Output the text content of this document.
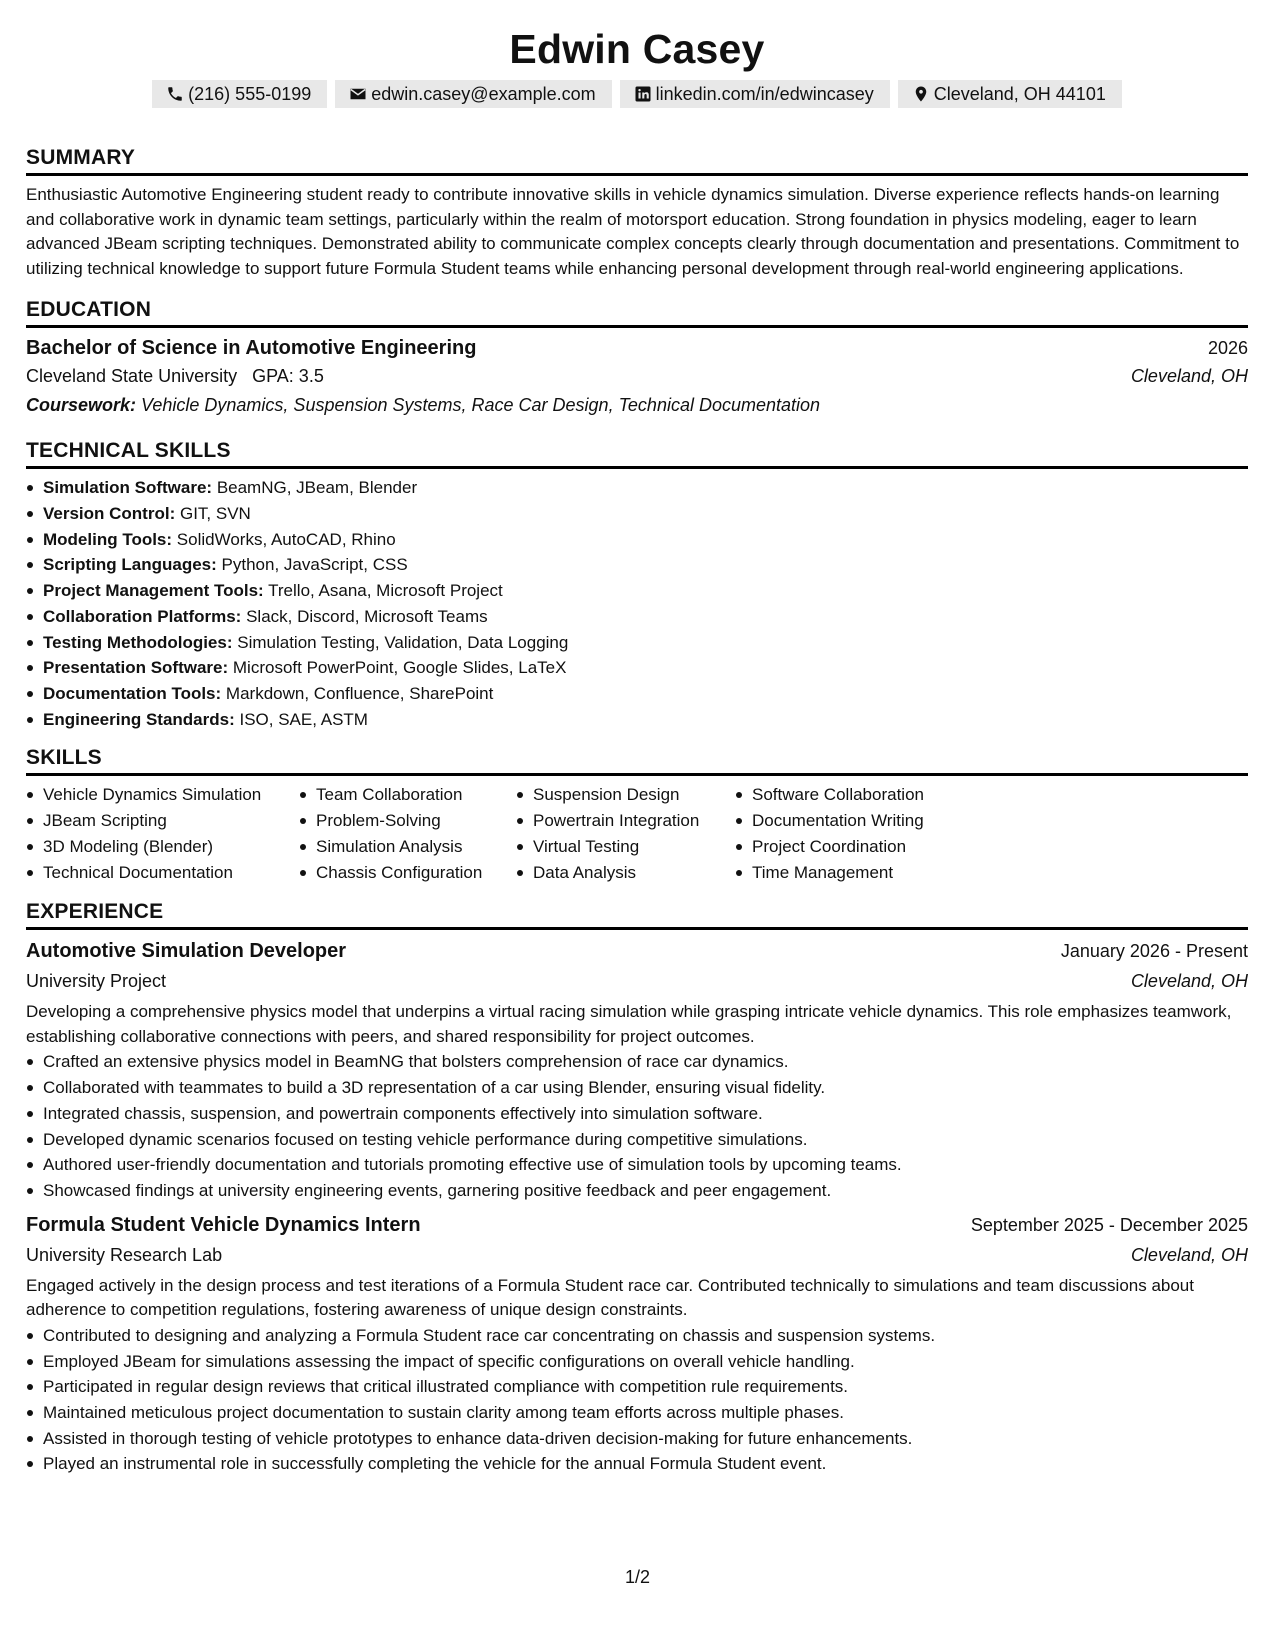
Edwin Casey
(216) 555-0199	edwin.casey@example.com	linkedin.com/in/edwincasey	Cleveland, OH 44101
SUMMARY
Enthusiastic Automotive Engineering student ready to contribute innovative skills in vehicle dynamics simulation. Diverse experience reflects hands-on learning and collaborative work in dynamic team settings, particularly within the realm of motorsport education. Strong foundation in physics modeling, eager to learn advanced JBeam scripting techniques. Demonstrated ability to communicate complex concepts clearly through documentation and presentations. Commitment to utilizing technical knowledge to support future Formula Student teams while enhancing personal development through real-world engineering applications.
EDUCATION
Bachelor of Science in Automotive Engineering	2026
Cleveland State University GPA: 3.5	Cleveland, OH
Coursework: Vehicle Dynamics, Suspension Systems, Race Car Design, Technical Documentation
TECHNICAL SKILLS
Simulation Software: BeamNG, JBeam, Blender
Version Control: GIT, SVN
Modeling Tools: SolidWorks, AutoCAD, Rhino
Scripting Languages: Python, JavaScript, CSS
Project Management Tools: Trello, Asana, Microsoft Project
Collaboration Platforms: Slack, Discord, Microsoft Teams
Testing Methodologies: Simulation Testing, Validation, Data Logging
Presentation Software: Microsoft PowerPoint, Google Slides, LaTeX
Documentation Tools: Markdown, Confluence, SharePoint
Engineering Standards: ISO, SAE, ASTM
SKILLS
Vehicle Dynamics Simulation
JBeam Scripting
3D Modeling (Blender)
Technical Documentation
Team Collaboration
Problem-Solving
Simulation Analysis
Chassis Configuration
Suspension Design
Powertrain Integration
Virtual Testing
Data Analysis
Software Collaboration
Documentation Writing
Project Coordination
Time Management
EXPERIENCE
Automotive Simulation Developer	January 2026 - Present
University Project	Cleveland, OH
Developing a comprehensive physics model that underpins a virtual racing simulation while grasping intricate vehicle dynamics. This role emphasizes teamwork, establishing collaborative connections with peers, and shared responsibility for project outcomes.
Crafted an extensive physics model in BeamNG that bolsters comprehension of race car dynamics.
Collaborated with teammates to build a 3D representation of a car using Blender, ensuring visual fidelity.
Integrated chassis, suspension, and powertrain components effectively into simulation software.
Developed dynamic scenarios focused on testing vehicle performance during competitive simulations.
Authored user-friendly documentation and tutorials promoting effective use of simulation tools by upcoming teams.
Showcased findings at university engineering events, garnering positive feedback and peer engagement.
Formula Student Vehicle Dynamics Intern	September 2025 - December 2025
University Research Lab	Cleveland, OH
Engaged actively in the design process and test iterations of a Formula Student race car. Contributed technically to simulations and team discussions about adherence to competition regulations, fostering awareness of unique design constraints.
Contributed to designing and analyzing a Formula Student race car concentrating on chassis and suspension systems.
Employed JBeam for simulations assessing the impact of specific configurations on overall vehicle handling.
Participated in regular design reviews that critical illustrated compliance with competition rule requirements.
Maintained meticulous project documentation to sustain clarity among team efforts across multiple phases.
Assisted in thorough testing of vehicle prototypes to enhance data-driven decision-making for future enhancements.
Played an instrumental role in successfully completing the vehicle for the annual Formula Student event.
1/2
